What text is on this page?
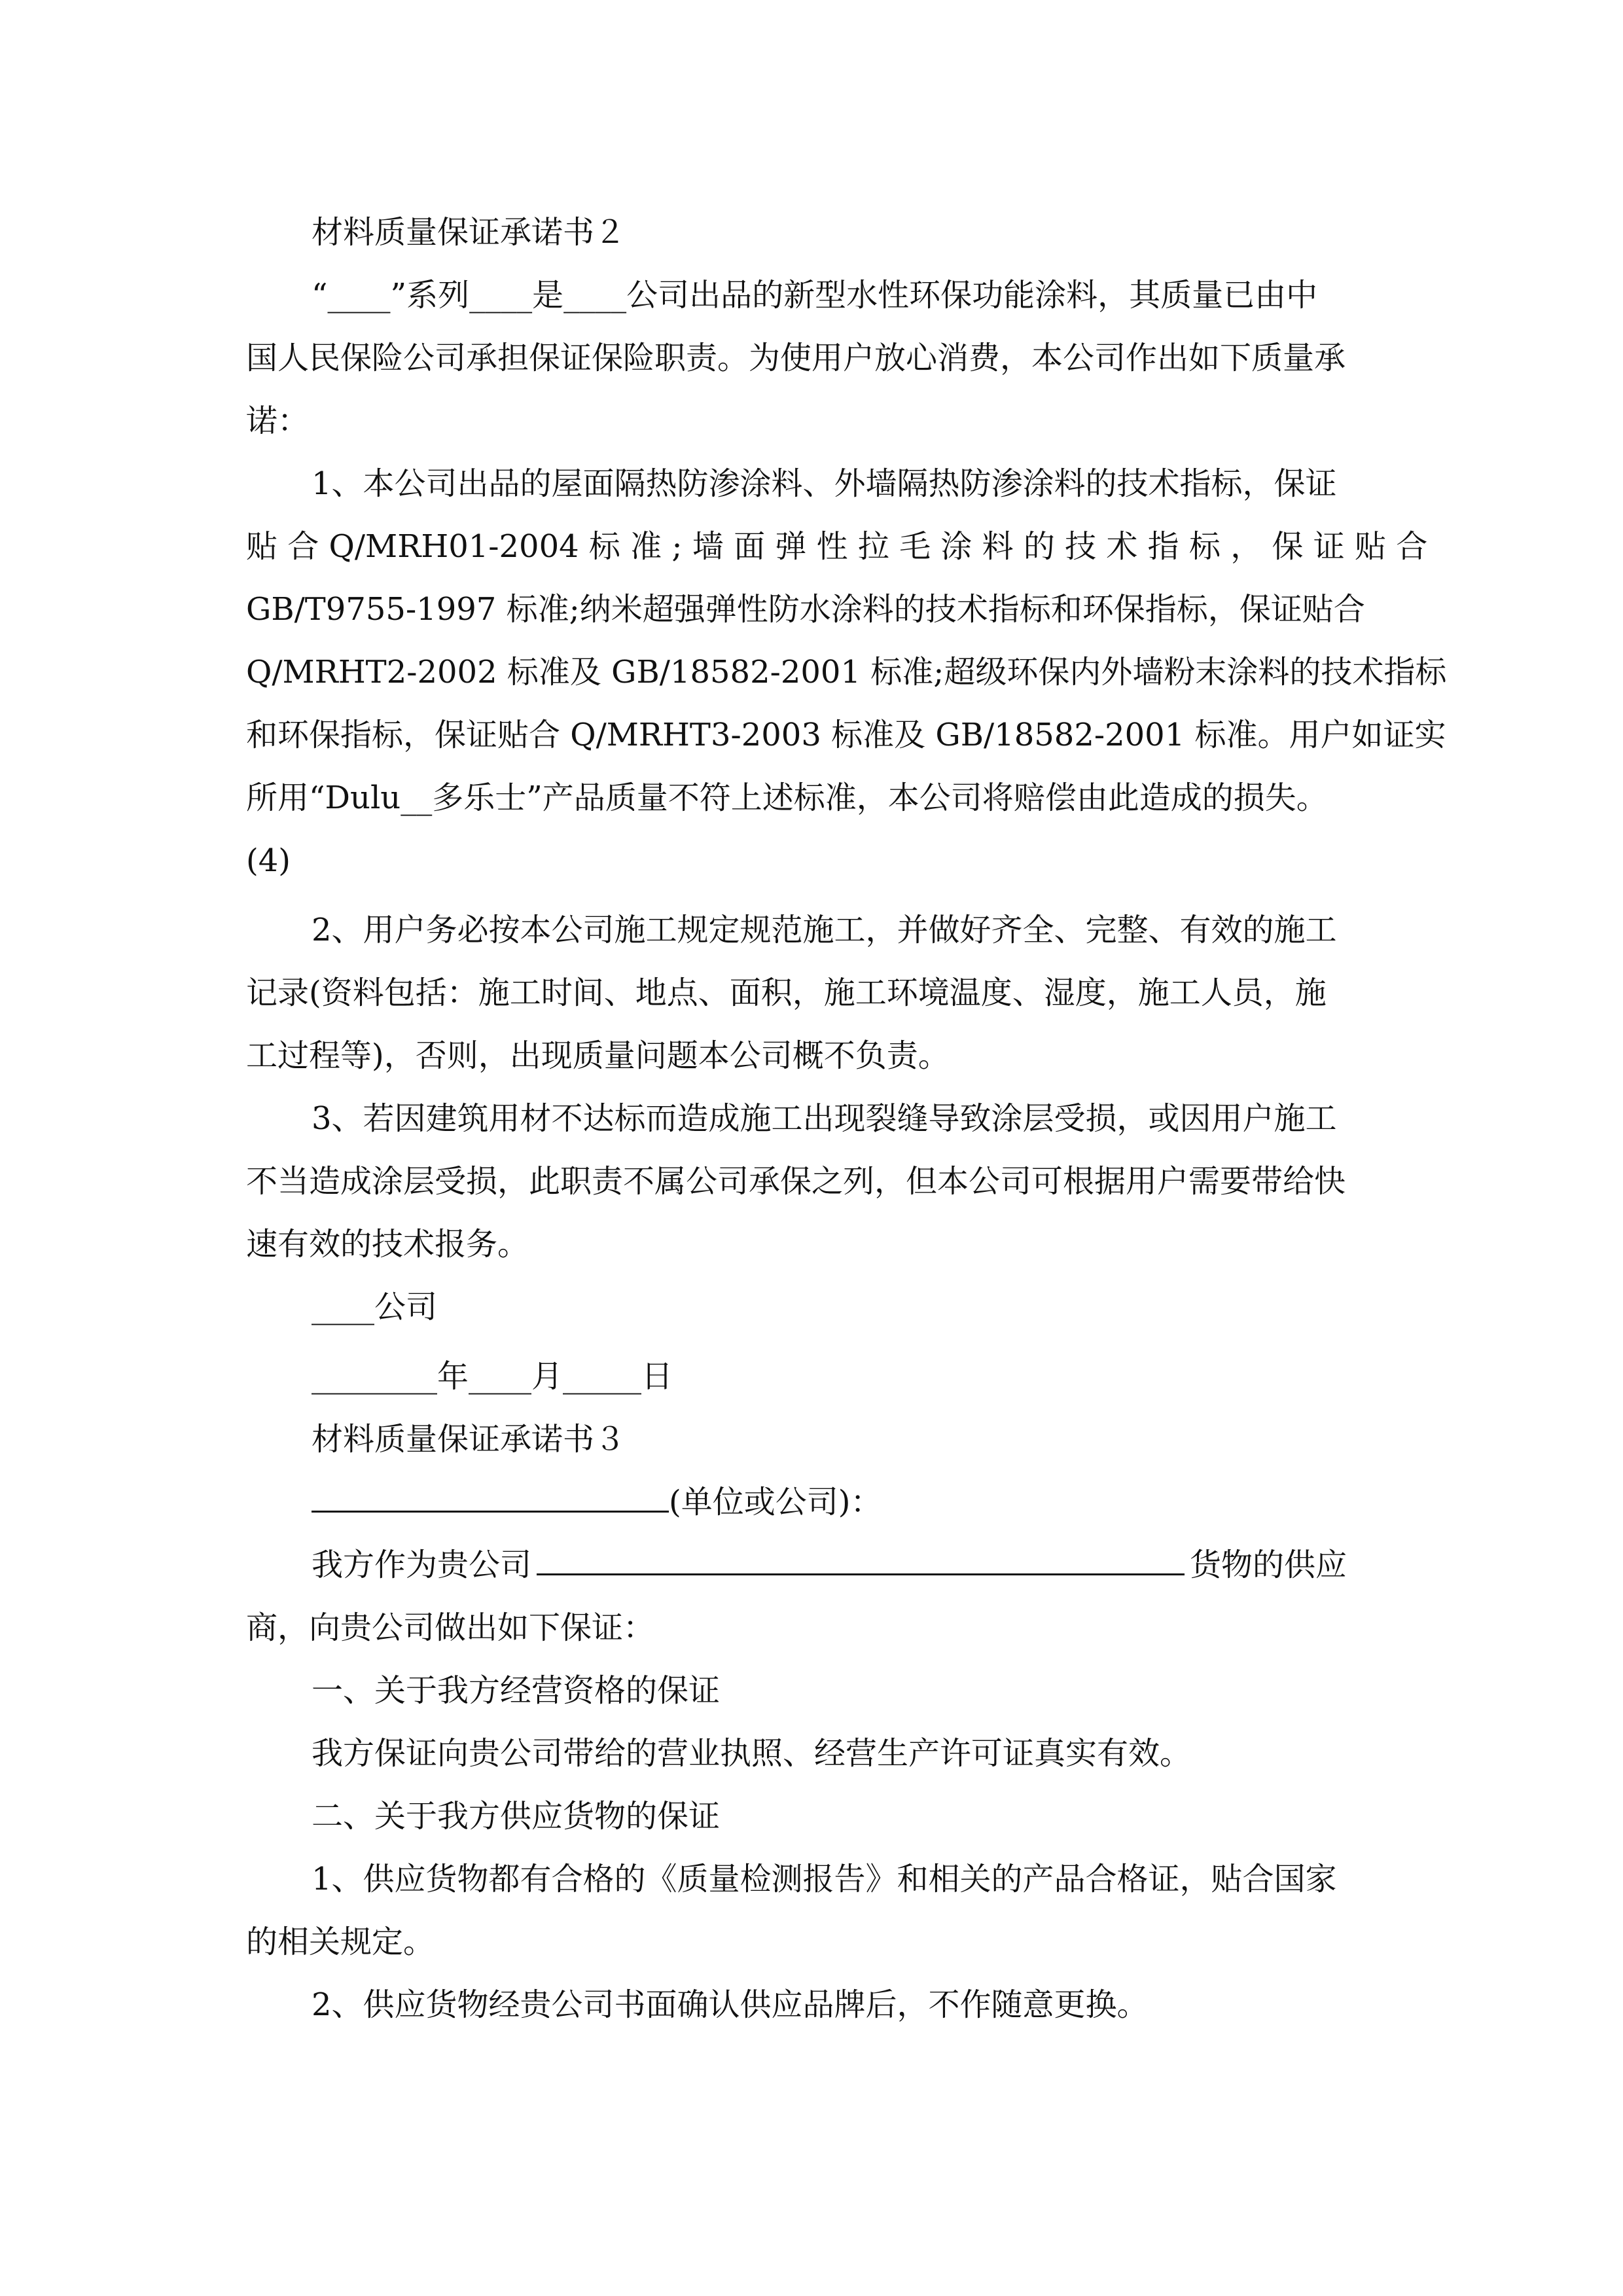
材料质量保证承诺书２

“____”系列____是____公司出品的新型水性环保功能涂料，其质量已由中

国人民保险公司承担保证保险职责。为使用户放心消费，本公司作出如下质量承

诺：

1、本公司出品的屋面隔热防渗涂料、外墙隔热防渗涂料的技术指标，保证

贴 合 Q/MRH01-2004 标 准 ; 墙 面 弹 性 拉 毛 涂 料 的 技 术 指 标 ， 保 证 贴 合

GB/T9755-1997 标准;纳米超强弹性防水涂料的技术指标和环保指标，保证贴合

Q/MRHT2-2002 标准及 GB/18582-2001 标准;超级环保内外墙粉末涂料的技术指标

和环保指标，保证贴合 Q/MRHT3-2003 标准及 GB/18582-2001 标准。用户如证实

所用“Dulu__多乐士”产品质量不符上述标准，本公司将赔偿由此造成的损失。

(4)

2、用户务必按本公司施工规定规范施工，并做好齐全、完整、有效的施工

记录(资料包括：施工时间、地点、面积，施工环境温度、湿度，施工人员，施

工过程等)，否则，出现质量问题本公司概不负责。

3、若因建筑用材不达标而造成施工出现裂缝导致涂层受损，或因用户施工

不当造成涂层受损，此职责不属公司承保之列，但本公司可根据用户需要带给快

速有效的技术报务。

____公司

________年____月_____日

材料质量保证承诺书３

(单位或公司)：

我方作为贵公司	货物的供应

商，向贵公司做出如下保证：

一、关于我方经营资格的保证

我方保证向贵公司带给的营业执照、经营生产许可证真实有效。

二、关于我方供应货物的保证

1、供应货物都有合格的《质量检测报告》和相关的产品合格证，贴合国家

的相关规定。

2、供应货物经贵公司书面确认供应品牌后，不作随意更换。
